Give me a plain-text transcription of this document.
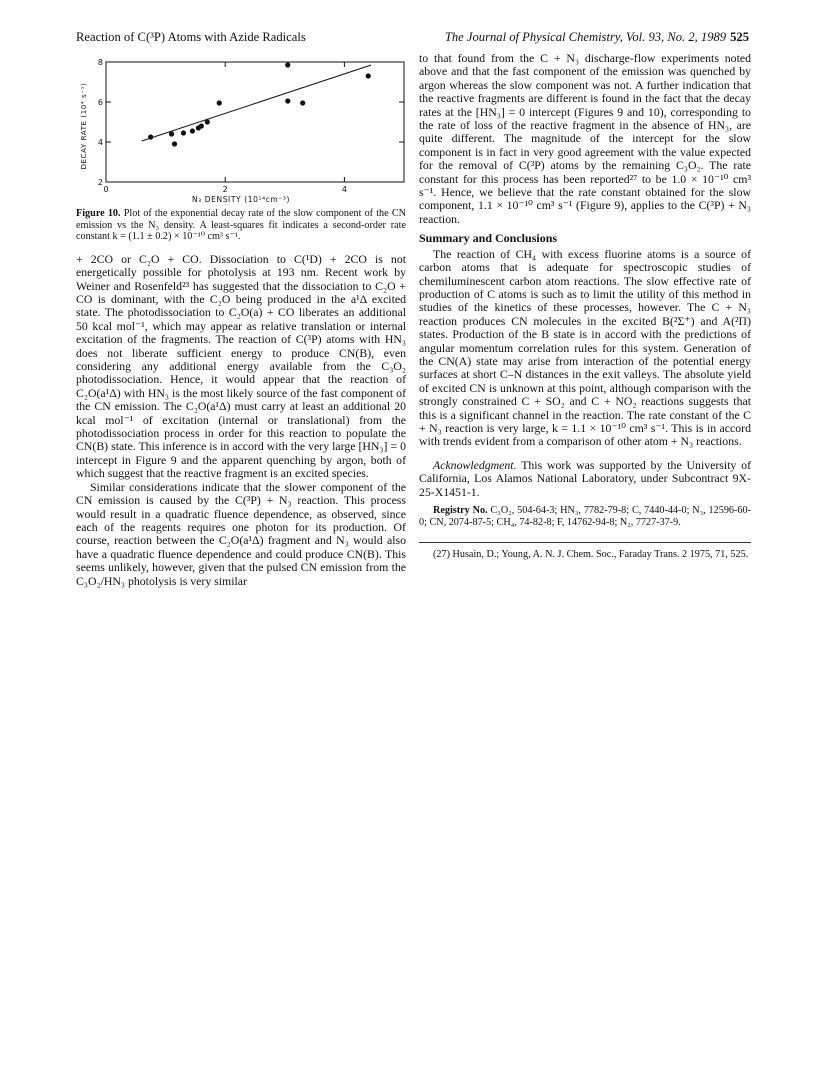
Reaction of C(³P) Atoms with Azide Radicals	The Journal of Physical Chemistry, Vol. 93, No. 2, 1989 525
0	2	4
2
4
6
8
N₃ DENSITY (10¹⁴cm⁻³)
DECAY RATE (10⁴ s⁻¹)

Figure 10. Plot of the exponential decay rate of the slow component of the CN emission vs the N₃ density. A least-squares fit indicates a second-order rate constant k = (1.1 ± 0.2) × 10⁻¹⁰ cm³ s⁻¹.

+ 2CO or C₂O + CO. Dissociation to C(¹D) + 2CO is not energetically possible for photolysis at 193 nm. Recent work by Weiner and Rosenfeld²³ has suggested that the dissociation to C₂O + CO is dominant, with the C₂O being produced in the a¹Δ excited state. The photodissociation to C₂O(a) + CO liberates an additional 50 kcal mol⁻¹, which may appear as relative translation or internal excitation of the fragments. The reaction of C(³P) atoms with HN₃ does not liberate sufficient energy to produce CN(B), even considering any additional energy available from the C₃O₂ photodissociation. Hence, it would appear that the reaction of C₂O(a¹Δ) with HN₃ is the most likely source of the fast component of the CN emission. The C₂O(a¹Δ) must carry at least an additional 20 kcal mol⁻¹ of excitation (internal or translational) from the photodissociation process in order for this reaction to populate the CN(B) state. This inference is in accord with the very large [HN₃] = 0 intercept in Figure 9 and the apparent quenching by argon, both of which suggest that the reactive fragment is an excited species.

Similar considerations indicate that the slower component of the CN emission is caused by the C(³P) + N₃ reaction. This process would result in a quadratic fluence dependence, as observed, since each of the reagents requires one photon for its production. Of course, reaction between the C₂O(a¹Δ) fragment and N₃ would also have a quadratic fluence dependence and could produce CN(B). This seems unlikely, however, given that the pulsed CN emission from the C₃O₂/HN₃ photolysis is very similar

to that found from the C + N₃ discharge-flow experiments noted above and that the fast component of the emission was quenched by argon whereas the slow component was not. A further indication that the reactive fragments are different is found in the fact that the decay rates at the [HN₃] = 0 intercept (Figures 9 and 10), corresponding to the rate of loss of the reactive fragment in the absence of HN₃, are quite different. The magnitude of the intercept for the slow component is in fact in very good agreement with the value expected for the removal of C(³P) atoms by the remaining C₃O₂. The rate constant for this process has been reported²⁷ to be 1.0 × 10⁻¹⁰ cm³ s⁻¹. Hence, we believe that the rate constant obtained for the slow component, 1.1 × 10⁻¹⁰ cm³ s⁻¹ (Figure 9), applies to the C(³P) + N₃ reaction.

Summary and Conclusions

The reaction of CH₄ with excess fluorine atoms is a source of carbon atoms that is adequate for spectroscopic studies of chemiluminescent carbon atom reactions. The slow effective rate of production of C atoms is such as to limit the utility of this method in studies of the kinetics of these processes, however. The C + N₃ reaction produces CN molecules in the excited B(²Σ⁺) and A(²Π) states. Production of the B state is in accord with the predictions of angular momentum correlation rules for this system. Generation of the CN(A) state may arise from interaction of the potential energy surfaces at short C–N distances in the exit valleys. The absolute yield of excited CN is unknown at this point, although comparison with the strongly constrained C + SO₂ and C + NO₂ reactions suggests that this is a significant channel in the reaction. The rate constant of the C + N₃ reaction is very large, k = 1.1 × 10⁻¹⁰ cm³ s⁻¹. This is in accord with trends evident from a comparison of other atom + N₃ reactions.

Acknowledgment. This work was supported by the University of California, Los Alamos National Laboratory, under Subcontract 9X-25-X1451-1.

Registry No. C₃O₂, 504-64-3; HN₃, 7782-79-8; C, 7440-44-0; N₃, 12596-60-0; CN, 2074-87-5; CH₄, 74-82-8; F, 14762-94-8; N₂, 7727-37-9.

(27) Husain, D.; Young, A. N. J. Chem. Soc., Faraday Trans. 2 1975, 71, 525.
